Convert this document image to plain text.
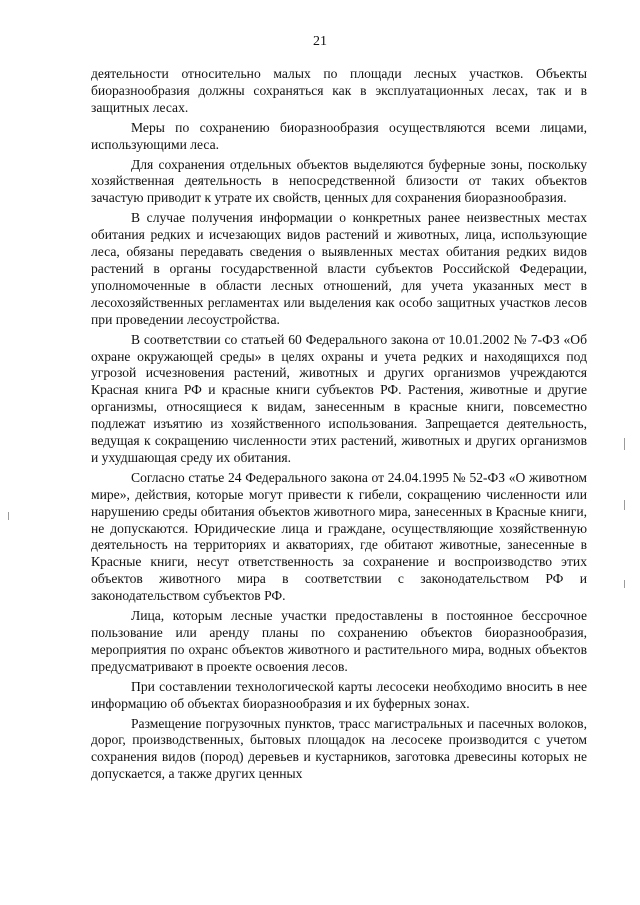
21

деятельности относительно малых по площади лесных участков. Объекты биоразнообразия должны сохраняться как в эксплуатационных лесах, так и в защитных лесах.

Меры по сохранению биоразнообразия осуществляются всеми лицами, использующими леса.

Для сохранения отдельных объектов выделяются буферные зоны, поскольку хозяйственная деятельность в непосредственной близости от таких объектов зачастую приводит к утрате их свойств, ценных для сохранения биоразнообразия.

В случае получения информации о конкретных ранее неизвестных местах обитания редких и исчезающих видов растений и животных, лица, использующие леса, обязаны передавать сведения о выявленных местах обитания редких видов растений в органы государственной власти субъектов Российской Федерации, уполномоченные в области лесных отношений, для учета указанных мест в лесохозяйственных регламентах или выделения как особо защитных участков лесов при проведении лесоустройства.

В соответствии со статьей 60 Федерального закона от 10.01.2002 № 7-ФЗ «Об охране окружающей среды» в целях охраны и учета редких и находящихся под угрозой исчезновения растений, животных и других организмов учреждаются Красная книга РФ и красные книги субъектов РФ. Растения, животные и другие организмы, относящиеся к видам, занесенным в красные книги, повсеместно подлежат изъятию из хозяйственного использования. Запрещается деятельность, ведущая к сокращению численности этих растений, животных и других организмов и ухудшающая среду их обитания.

Согласно статье 24 Федерального закона от 24.04.1995 № 52-ФЗ «О животном мире», действия, которые могут привести к гибели, сокращению численности или нарушению среды обитания объектов животного мира, занесенных в Красные книги, не допускаются. Юридические лица и граждане, осуществляющие хозяйственную деятельность на территориях и акваториях, где обитают животные, занесенные в Красные книги, несут ответственность за сохранение и воспроизводство этих объектов животного мира в соответствии с законодательством РФ и законодательством субъектов РФ.

Лица, которым лесные участки предоставлены в постоянное бессрочное пользование или аренду планы по сохранению объектов биоразнообразия, мероприятия по охранс объектов животного и растительного мира, водных объектов предусматривают в проекте освоения лесов.

При составлении технологической карты лесосеки необходимо вносить в нее информацию об объектах биоразнообразия и их буферных зонах.

Размещение погрузочных пунктов, трасс магистральных и пасечных волоков, дорог, производственных, бытовых площадок на лесосеке производится с учетом сохранения видов (пород) деревьев и кустарников, заготовка древесины которых не допускается, а также других ценных
